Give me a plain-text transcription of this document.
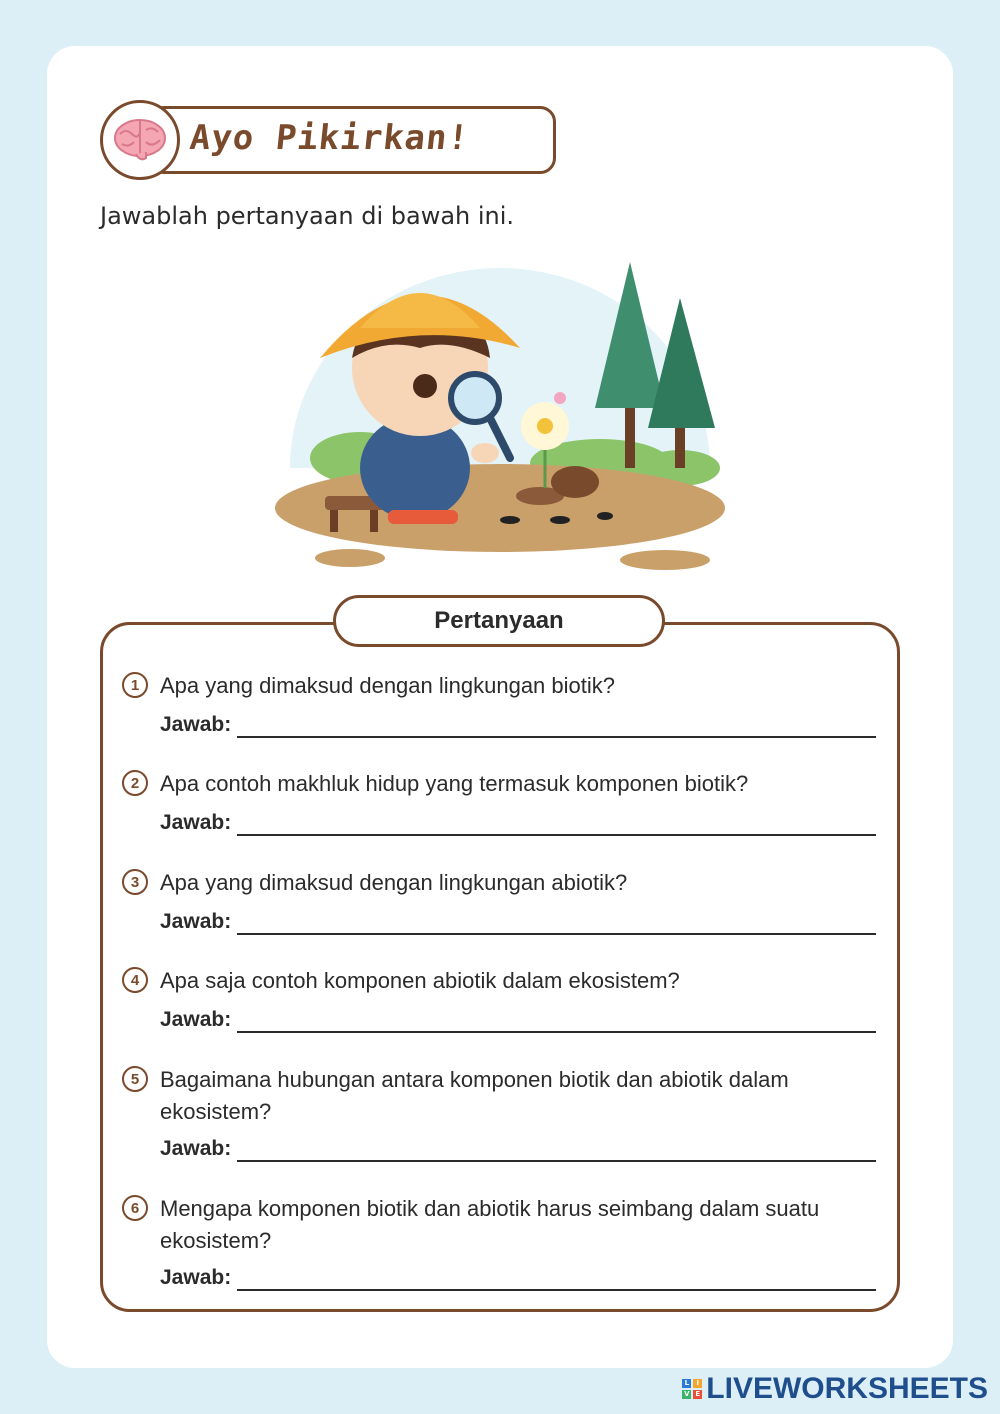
Ayo Pikirkan!
Jawablah pertanyaan di bawah ini.
Pertanyaan
1 Apa yang dimaksud dengan lingkungan biotik?
Jawab:
2 Apa contoh makhluk hidup yang termasuk komponen biotik?
Jawab:
3 Apa yang dimaksud dengan lingkungan abiotik?
Jawab:
4 Apa saja contoh komponen abiotik dalam ekosistem?
Jawab:
5 Bagaimana hubungan antara komponen biotik dan abiotik dalam ekosistem?
Jawab:
6 Mengapa komponen biotik dan abiotik harus seimbang dalam suatu ekosistem?
Jawab:
L	I
V E LIVEWORKSHEETS
